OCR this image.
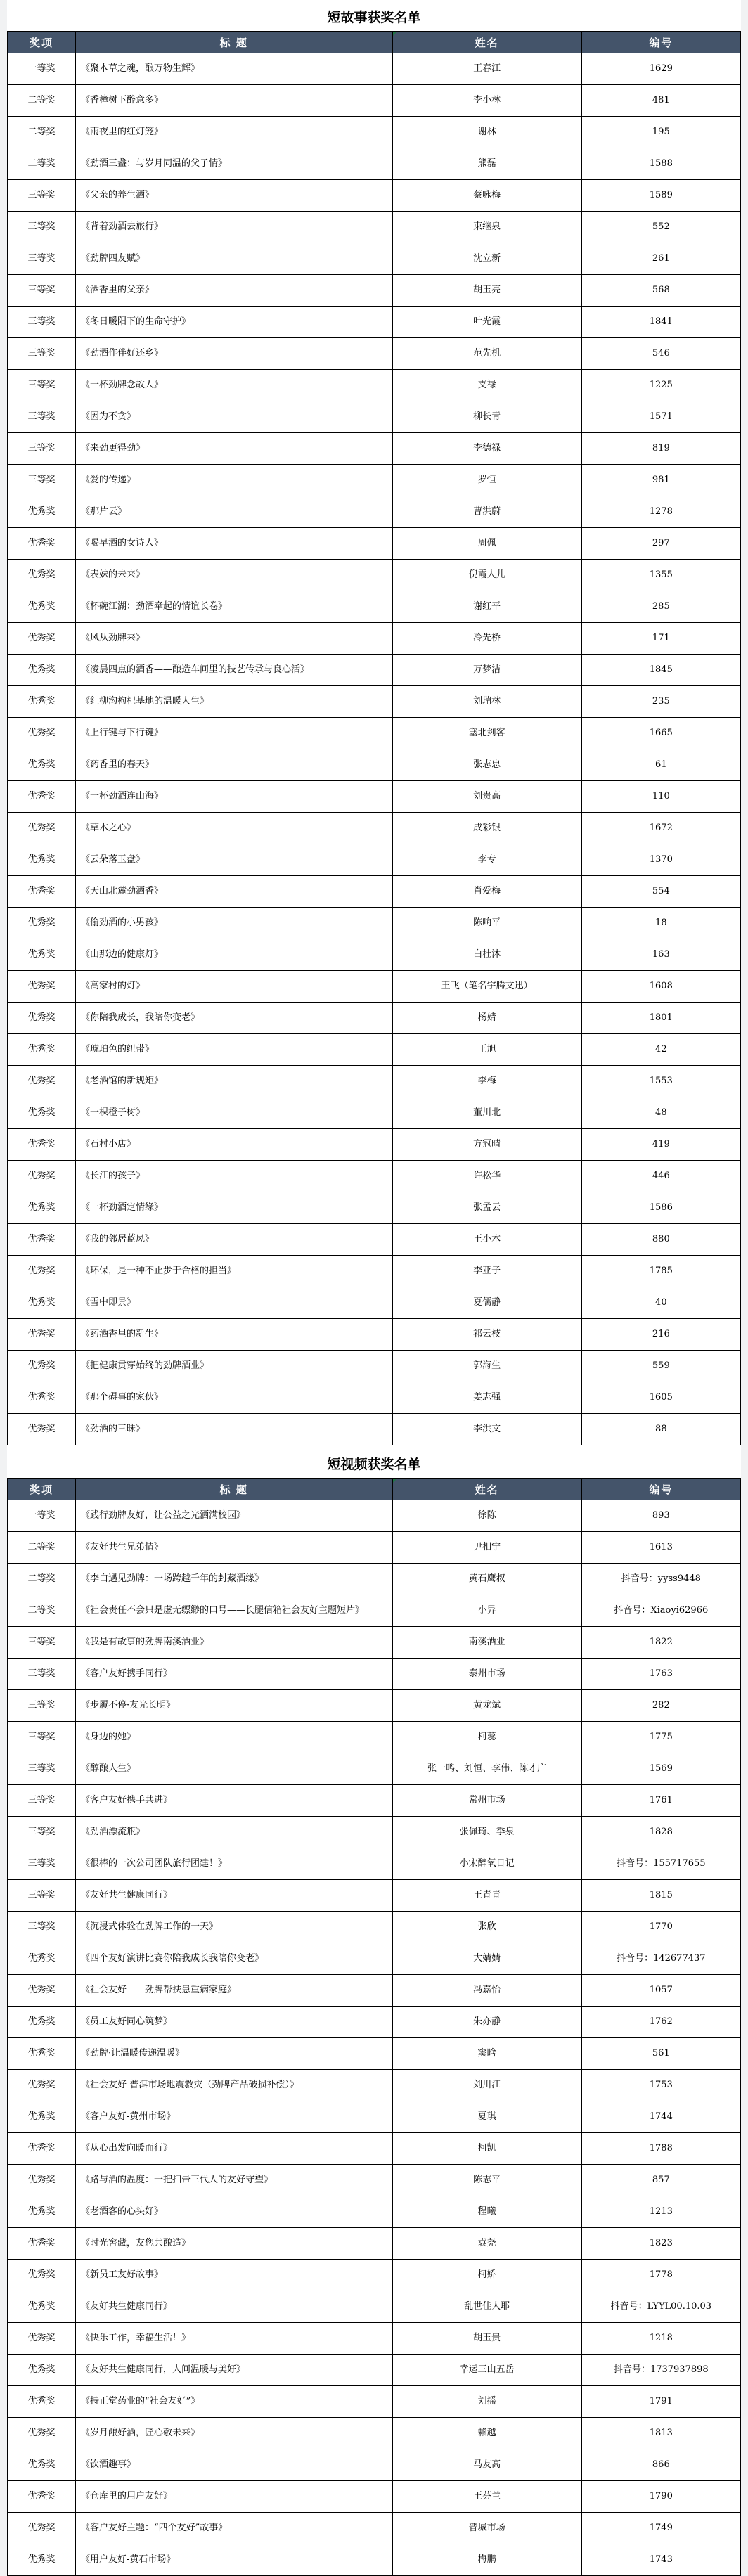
短故事获奖名单
奖项	标 题	姓名	编号
一等奖	《聚本草之魂，酿万物生辉》	王春江	1629
二等奖	《香樟树下醉意多》	李小林	481
二等奖	《雨夜里的红灯笼》	谢林	195
二等奖	《劲酒三盏：与岁月同温的父子情》	熊磊	1588
三等奖	《父亲的养生酒》	蔡咏梅	1589
三等奖	《背着劲酒去旅行》	束继泉	552
三等奖	《劲牌四友赋》	沈立新	261
三等奖	《酒香里的父亲》	胡玉亮	568
三等奖	《冬日暖阳下的生命守护》	叶光霞	1841
三等奖	《劲酒作伴好还乡》	范先机	546
三等奖	《一杯劲牌念故人》	支禄	1225
三等奖	《因为不贪》	柳长青	1571
三等奖	《来劲更得劲》	李德禄	819
三等奖	《爱的传递》	罗恒	981
优秀奖	《那片云》	曹洪蔚	1278
优秀奖	《喝早酒的女诗人》	周佩	297
优秀奖	《表妹的未来》	倪霞人儿	1355
优秀奖	《杯碗江湖：劲酒牵起的情谊长卷》	谢红平	285
优秀奖	《风从劲牌来》	冷先桥	171
优秀奖	《凌晨四点的酒香——酿造车间里的技艺传承与良心活》	万梦洁	1845
优秀奖	《红柳沟枸杞基地的温暖人生》	刘瑞林	235
优秀奖	《上行键与下行键》	塞北剑客	1665
优秀奖	《药香里的春天》	张志忠	61
优秀奖	《一杯劲酒连山海》	刘贵高	110
优秀奖	《草木之心》	成彩银	1672
优秀奖	《云朵落玉盘》	李专	1370
优秀奖	《天山北麓劲酒香》	肖爱梅	554
优秀奖	《偷劲酒的小男孩》	陈响平	18
优秀奖	《山那边的健康灯》	白杜沐	163
优秀奖	《高家村的灯》	王飞（笔名宇腾文迅）	1608
优秀奖	《你陪我成长，我陪你变老》	杨婧	1801
优秀奖	《琥珀色的纽带》	王旭	42
优秀奖	《老酒馆的新规矩》	李梅	1553
优秀奖	《一棵橙子树》	董川北	48
优秀奖	《石村小店》	方冠晴	419
优秀奖	《长江的孩子》	许松华	446
优秀奖	《一杯劲酒定情缘》	张孟云	1586
优秀奖	《我的邻居蓝凤》	王小木	880
优秀奖	《环保，是一种不止步于合格的担当》	李亚子	1785
优秀奖	《雪中即景》	夏儒静	40
优秀奖	《药酒香里的新生》	祁云枝	216
优秀奖	《把健康贯穿始终的劲牌酒业》	郭海生	559
优秀奖	《那个碍事的家伙》	姜志强	1605
优秀奖	《劲酒的三昧》	李洪文	88
短视频获奖名单
奖项	标 题	姓名	编号
一等奖	《践行劲牌友好，让公益之光洒满校园》	徐陈	893
二等奖	《友好共生兄弟情》	尹相宁	1613
二等奖	《李白遇见劲牌：一场跨越千年的封藏酒缘》	黄石鹰叔	抖音号：yyss9448
二等奖	《社会责任不会只是虚无缥缈的口号——长腿信箱社会友好主题短片》	小异	抖音号：Xiaoyi62966
三等奖	《我是有故事的劲牌南溪酒业》	南溪酒业	1822
三等奖	《客户友好携手同行》	泰州市场	1763
三等奖	《步履不停·友光长明》	黄龙斌	282
三等奖	《身边的她》	柯蕊	1775
三等奖	《醇酿人生》	张一鸣、刘恒、李伟、陈才广	1569
三等奖	《客户友好携手共进》	常州市场	1761
三等奖	《劲酒漂流瓶》	张佩琦、季泉	1828
三等奖	《很棒的一次公司团队旅行团建！》	小宋醉氧日记	抖音号：155717655
三等奖	《友好共生健康同行》	王青青	1815
三等奖	《沉浸式体验在劲牌工作的一天》	张欣	1770
优秀奖	《四个友好演讲比赛你陪我成长我陪你变老》	大婧婧	抖音号：142677437
优秀奖	《社会友好——劲牌帮扶患重病家庭》	冯嘉怡	1057
优秀奖	《员工友好同心筑梦》	朱亦静	1762
优秀奖	《劲牌·让温暖传递温暖》	窦晗	561
优秀奖	《社会友好-普洱市场地震救灾（劲牌产品破损补偿）》	刘川江	1753
优秀奖	《客户友好-黄州市场》	夏琪	1744
优秀奖	《从心出发向暖而行》	柯凯	1788
优秀奖	《路与酒的温度：一把扫帚三代人的友好守望》	陈志平	857
优秀奖	《老酒客的心头好》	程曦	1213
优秀奖	《时光窖藏，友您共酿造》	袁尧	1823
优秀奖	《新员工友好故事》	柯娇	1778
优秀奖	《友好共生健康同行》	乱世佳人耶	抖音号：LYYL00.10.03
优秀奖	《快乐工作，幸福生活！》	胡玉贵	1218
优秀奖	《友好共生健康同行，人间温暖与美好》	幸运三山五岳	抖音号：1737937898
优秀奖	《持正堂药业的“社会友好”》	刘摇	1791
优秀奖	《岁月酿好酒，匠心敬未来》	赖越	1813
优秀奖	《饮酒趣事》	马友高	866
优秀奖	《仓库里的用户友好》	王芬兰	1790
优秀奖	《客户友好主题：“四个友好”故事》	晋城市场	1749
优秀奖	《用户友好-黄石市场》	梅鹏	1743
